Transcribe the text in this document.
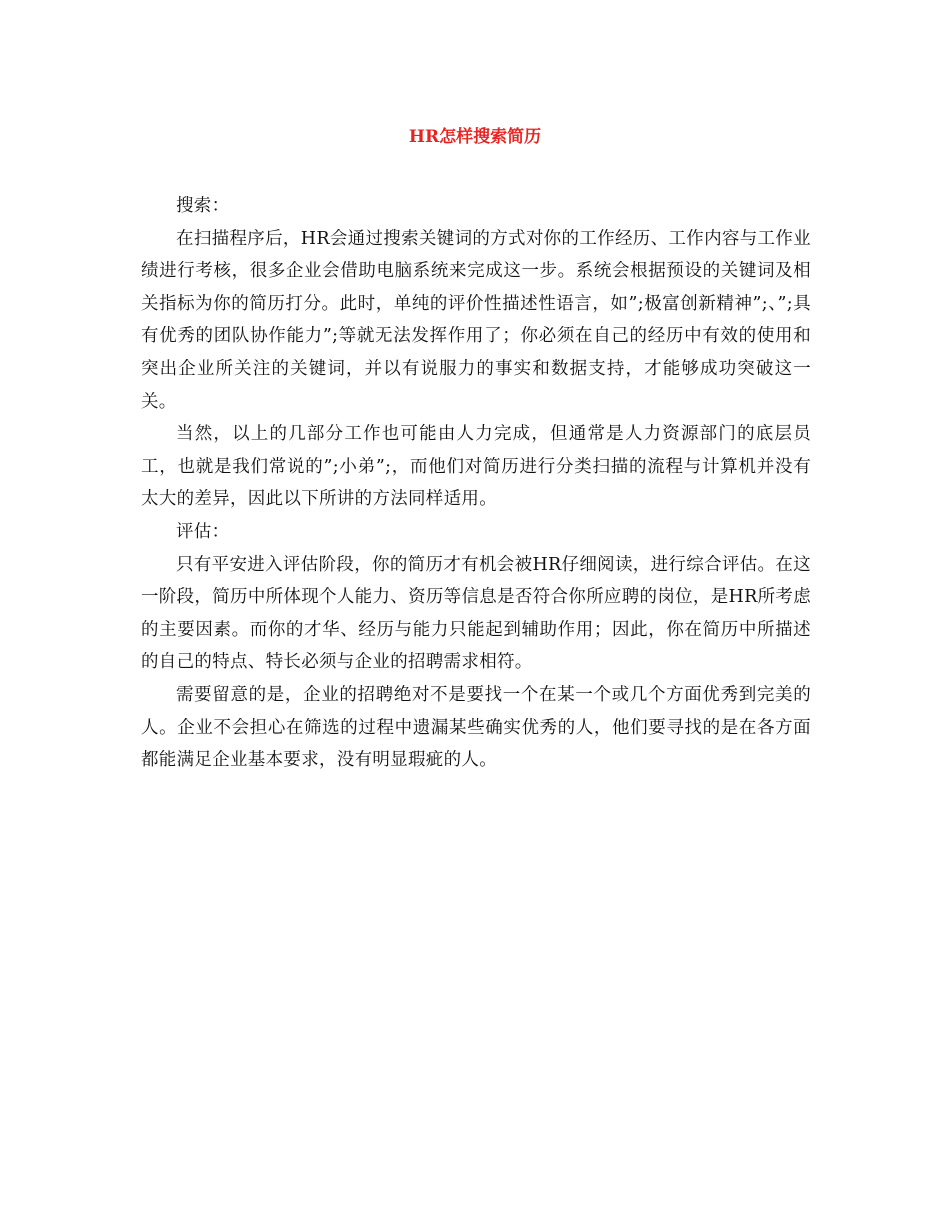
HR怎样搜索简历

搜索：

在扫描程序后，HR会通过搜索关键词的方式对你的工作经历、工作内容与工作业绩进行考核，很多企业会借助电脑系统来完成这一步。系统会根据预设的关键词及相关指标为你的简历打分。此时，单纯的评价性描述性语言，如”;极富创新精神”;、”;具有优秀的团队协作能力”;等就无法发挥作用了；你必须在自己的经历中有效的使用和突出企业所关注的关键词，并以有说服力的事实和数据支持，才能够成功突破这一关。

当然，以上的几部分工作也可能由人力完成，但通常是人力资源部门的底层员工，也就是我们常说的”;小弟”;，而他们对简历进行分类扫描的流程与计算机并没有太大的差异，因此以下所讲的方法同样适用。

评估：

只有平安进入评估阶段，你的简历才有机会被HR仔细阅读，进行综合评估。在这一阶段，简历中所体现个人能力、资历等信息是否符合你所应聘的岗位，是HR所考虑的主要因素。而你的才华、经历与能力只能起到辅助作用；因此，你在简历中所描述的自己的特点、特长必须与企业的招聘需求相符。

需要留意的是，企业的招聘绝对不是要找一个在某一个或几个方面优秀到完美的人。企业不会担心在筛选的过程中遗漏某些确实优秀的人，他们要寻找的是在各方面都能满足企业基本要求，没有明显瑕疵的人。
